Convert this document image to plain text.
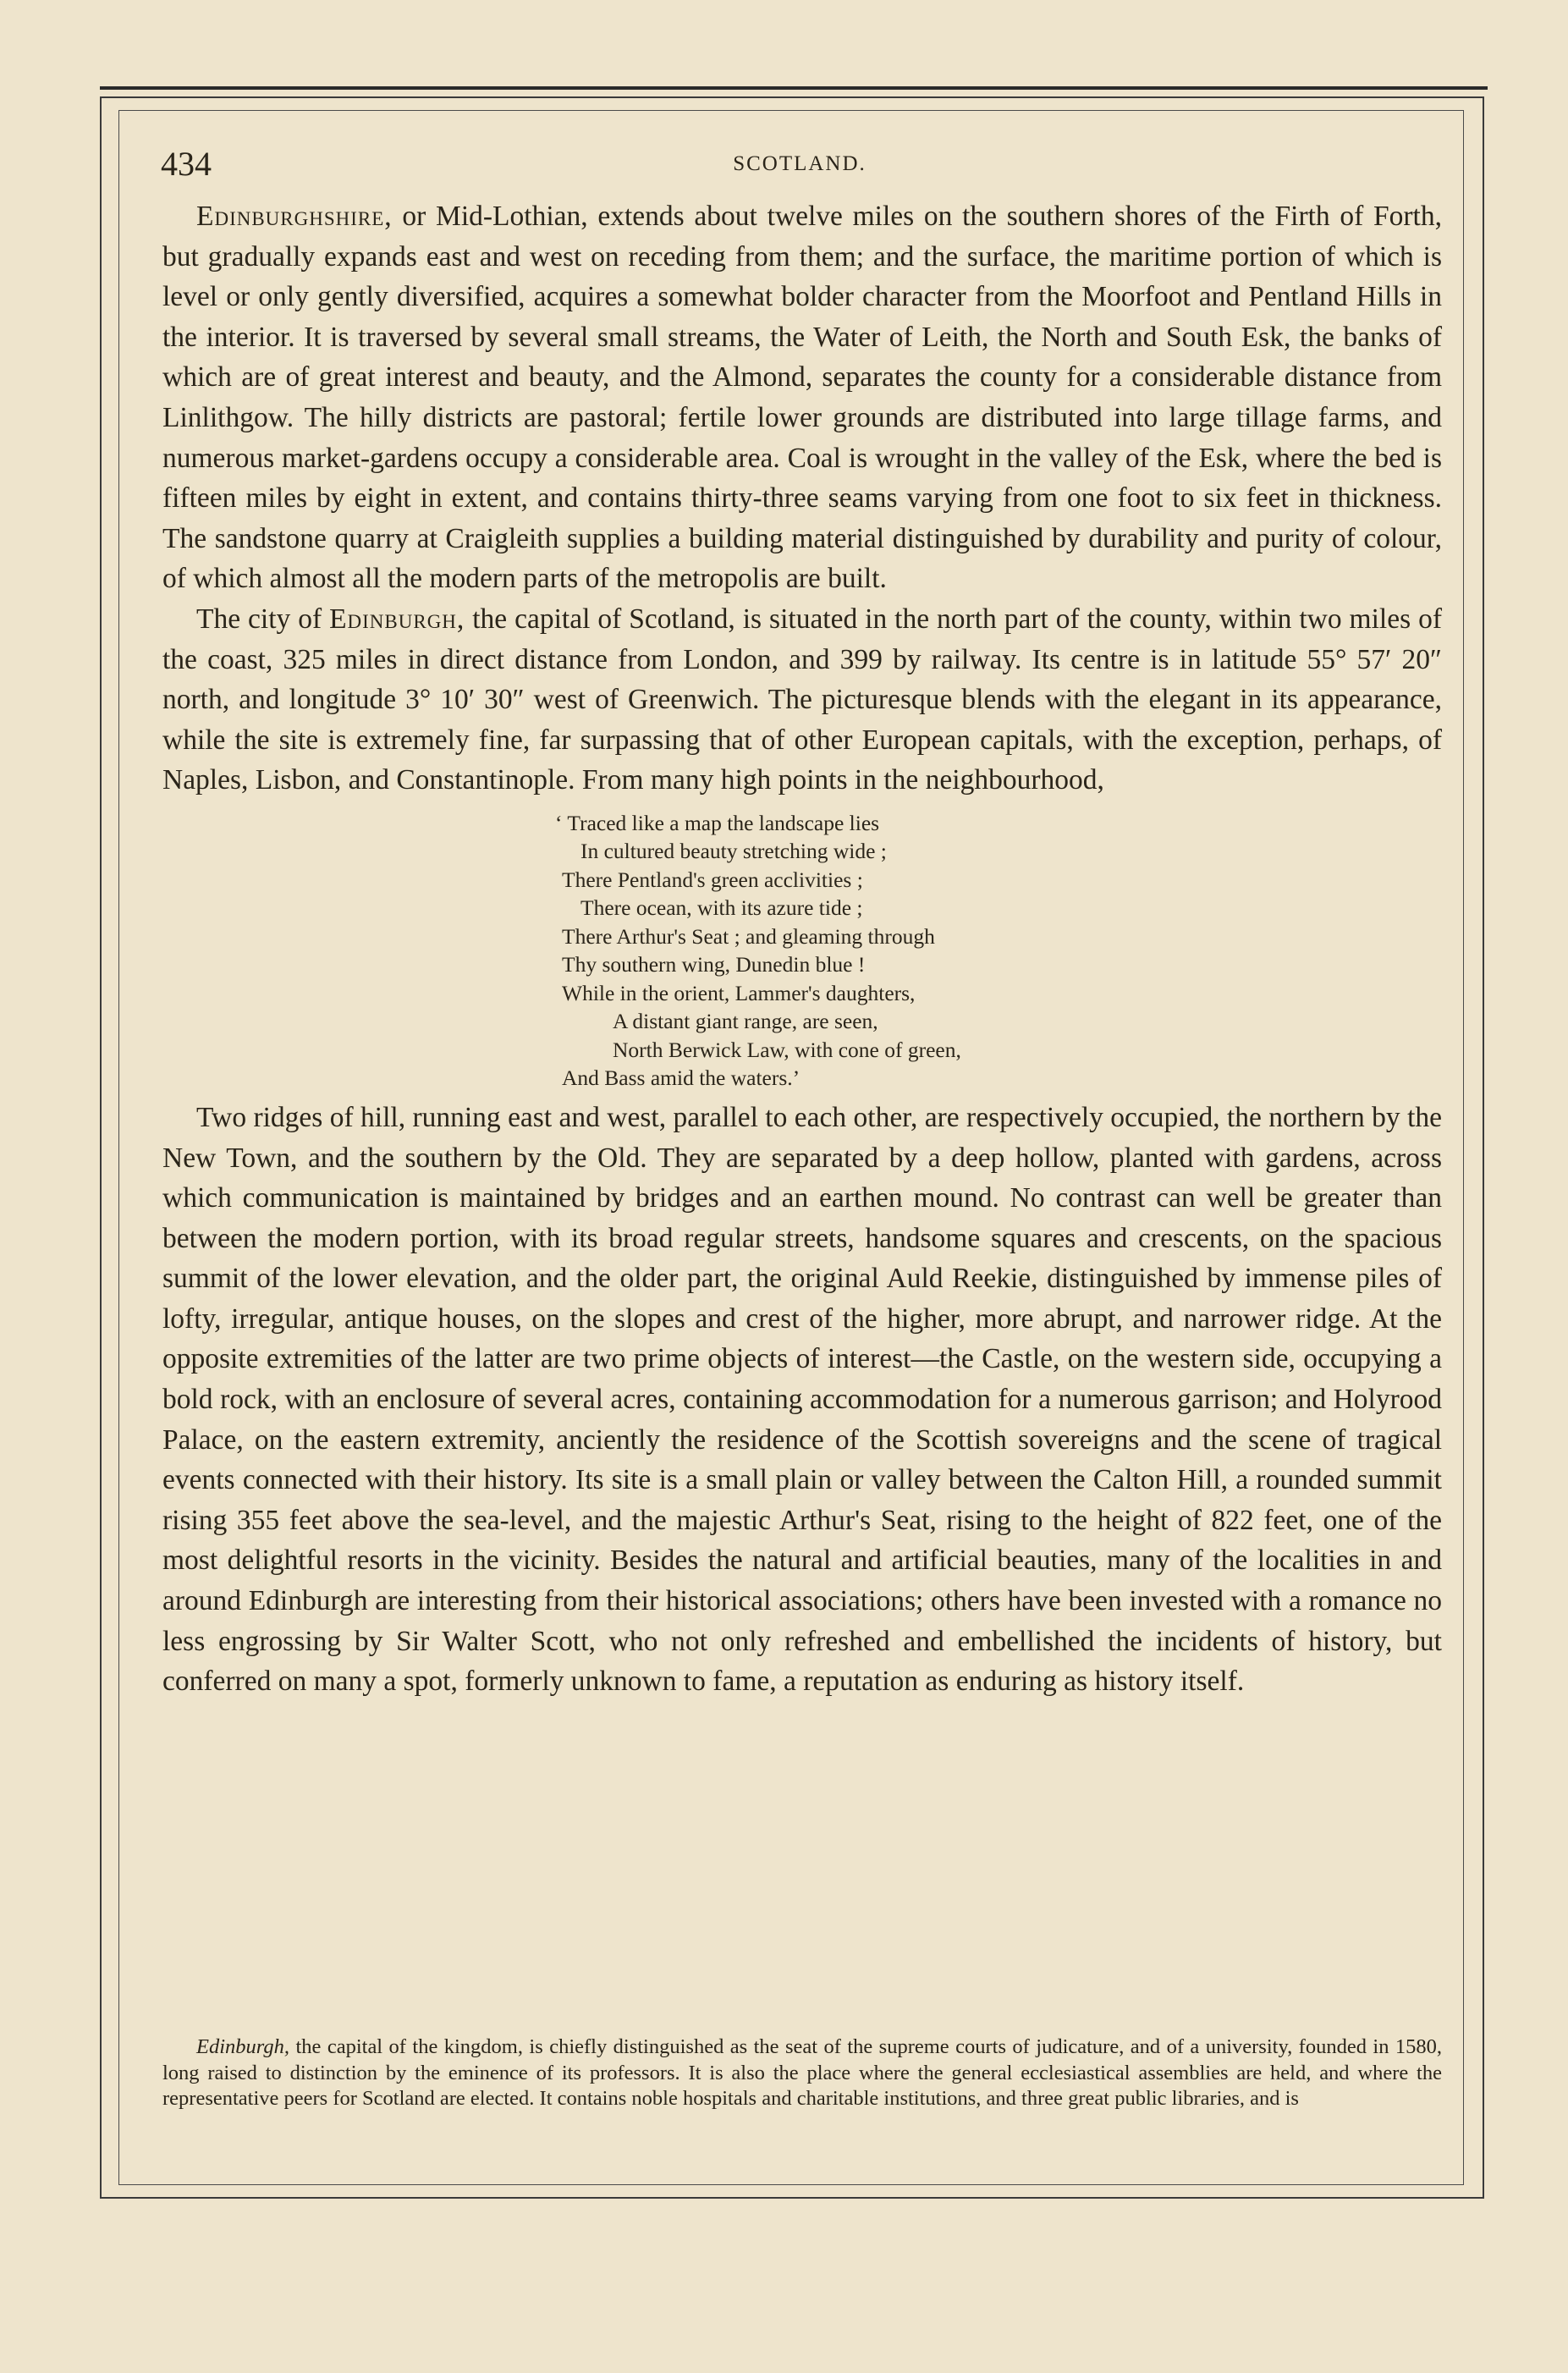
434	SCOTLAND.

Edinburghshire, or Mid-Lothian, extends about twelve miles on the southern shores of the Firth of Forth, but gradually expands east and west on receding from them; and the surface, the maritime portion of which is level or only gently diversified, acquires a somewhat bolder character from the Moorfoot and Pentland Hills in the interior. It is traversed by several small streams, the Water of Leith, the North and South Esk, the banks of which are of great interest and beauty, and the Almond, separates the county for a considerable distance from Linlithgow. The hilly districts are pastoral; fertile lower grounds are distributed into large tillage farms, and numerous market-gardens occupy a considerable area. Coal is wrought in the valley of the Esk, where the bed is fifteen miles by eight in extent, and contains thirty-three seams varying from one foot to six feet in thickness. The sandstone quarry at Craigleith supplies a building material distinguished by durability and purity of colour, of which almost all the modern parts of the metropolis are built.

The city of Edinburgh, the capital of Scotland, is situated in the north part of the county, within two miles of the coast, 325 miles in direct distance from London, and 399 by railway. Its centre is in latitude 55° 57′ 20″ north, and longitude 3° 10′ 30″ west of Greenwich. The picturesque blends with the elegant in its appearance, while the site is extremely fine, far surpassing that of other European capitals, with the exception, perhaps, of Naples, Lisbon, and Constantinople. From many high points in the neighbourhood,

‘ Traced like a map the landscape lies
In cultured beauty stretching wide ;
There Pentland's green acclivities ;
There ocean, with its azure tide ;
There Arthur's Seat ; and gleaming through
Thy southern wing, Dunedin blue !
While in the orient, Lammer's daughters,
A distant giant range, are seen,
North Berwick Law, with cone of green,
And Bass amid the waters.’

Two ridges of hill, running east and west, parallel to each other, are respectively occupied, the northern by the New Town, and the southern by the Old. They are separated by a deep hollow, planted with gardens, across which communication is maintained by bridges and an earthen mound. No contrast can well be greater than between the modern portion, with its broad regular streets, handsome squares and crescents, on the spacious summit of the lower elevation, and the older part, the original Auld Reekie, distinguished by immense piles of lofty, irregular, antique houses, on the slopes and crest of the higher, more abrupt, and narrower ridge. At the opposite extremities of the latter are two prime objects of interest—the Castle, on the western side, occupying a bold rock, with an enclosure of several acres, containing accommodation for a numerous garrison; and Holyrood Palace, on the eastern extremity, anciently the residence of the Scottish sovereigns and the scene of tragical events connected with their history. Its site is a small plain or valley between the Calton Hill, a rounded summit rising 355 feet above the sea-level, and the majestic Arthur's Seat, rising to the height of 822 feet, one of the most delightful resorts in the vicinity. Besides the natural and artificial beauties, many of the localities in and around Edinburgh are interesting from their historical associations; others have been invested with a romance no less engrossing by Sir Walter Scott, who not only refreshed and embellished the incidents of history, but conferred on many a spot, formerly unknown to fame, a reputation as enduring as history itself.

Edinburgh, the capital of the kingdom, is chiefly distinguished as the seat of the supreme courts of judicature, and of a university, founded in 1580, long raised to distinction by the eminence of its professors. It is also the place where the general ecclesiastical assemblies are held, and where the representative peers for Scotland are elected. It contains noble hospitals and charitable institutions, and three great public libraries, and is
